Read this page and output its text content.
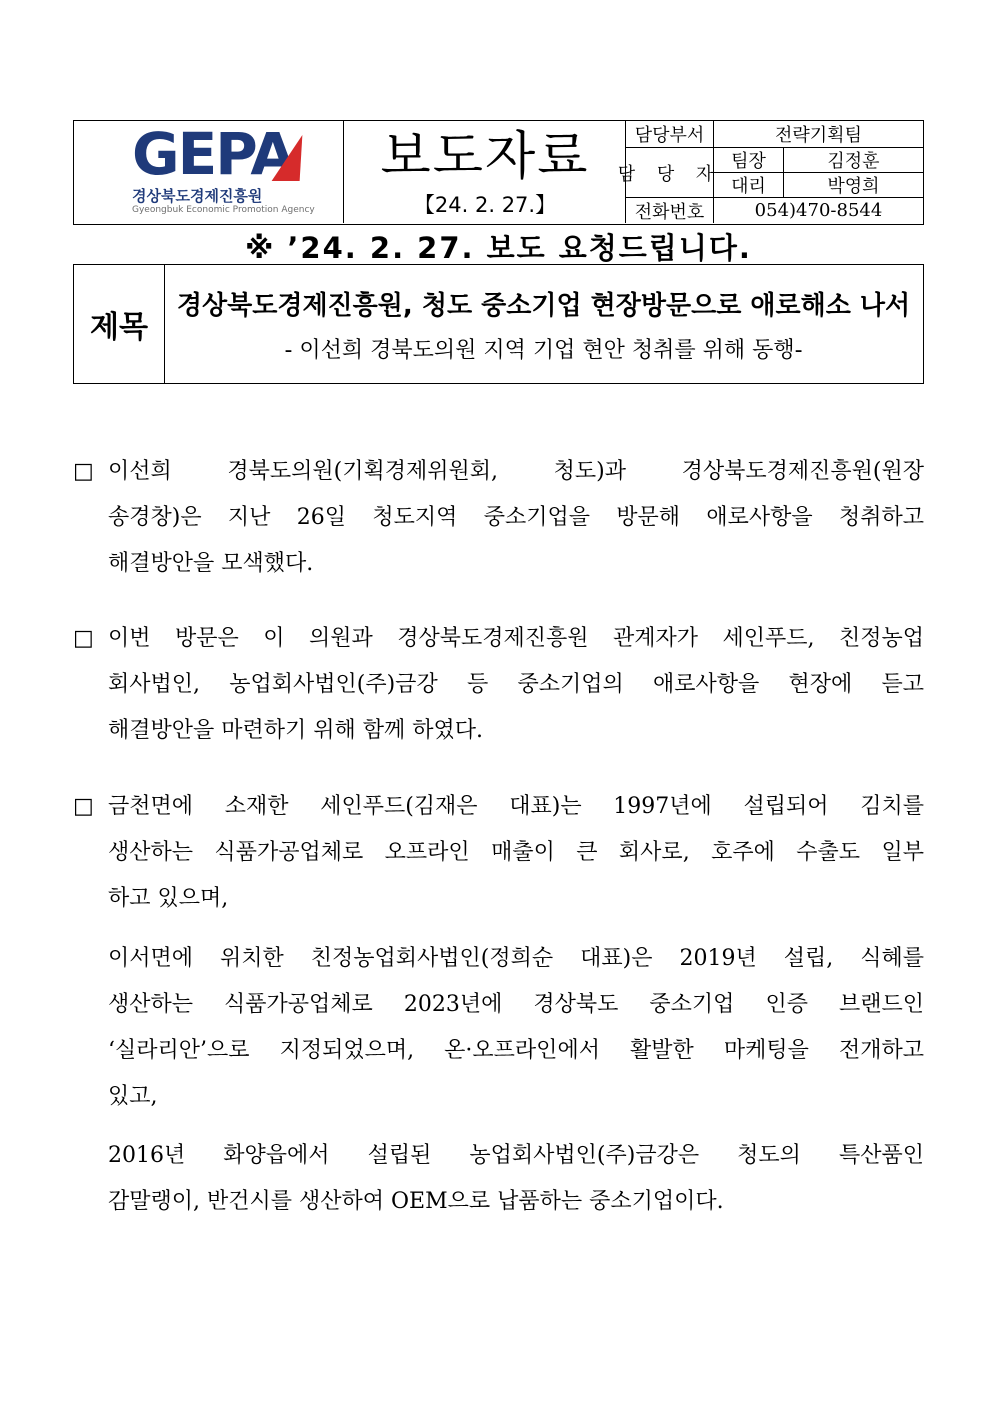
GEPA
경상북도경제진흥원
Gyeongbuk Economic Promotion Agency
보도자료
【24. 2. 27.】
담당부서	전략기획팀
담 당 자
팀장	김정훈
대리	박영희
전화번호	054)470-8544
※ ’24. 2. 27. 보도 요청드립니다.
제목
경상북도경제진흥원, 청도 중소기업 현장방문으로 애로해소 나서
- 이선희 경북도의원 지역 기업 현안 청취를 위해 동행-
□ 이선희 경북도의원(기획경제위원회, 청도)과 경상북도경제진흥원(원장
송경창)은 지난 26일 청도지역 중소기업을 방문해 애로사항을 청취하고
해결방안을 모색했다.
□ 이번 방문은 이 의원과 경상북도경제진흥원 관계자가 세인푸드, 친정농업
회사법인, 농업회사법인(주)금강 등 중소기업의 애로사항을 현장에 듣고
해결방안을 마련하기 위해 함께 하였다.
□ 금천면에 소재한 세인푸드(김재은 대표)는 1997년에 설립되어 김치를
생산하는 식품가공업체로 오프라인 매출이 큰 회사로, 호주에 수출도 일부
하고 있으며,
이서면에 위치한 친정농업회사법인(정희순 대표)은 2019년 설립, 식혜를
생산하는 식품가공업체로 2023년에 경상북도 중소기업 인증 브랜드인
‘실라리안’으로 지정되었으며, 온·오프라인에서 활발한 마케팅을 전개하고
있고,
2016년 화양읍에서 설립된 농업회사법인(주)금강은 청도의 특산품인
감말랭이, 반건시를 생산하여 OEM으로 납품하는 중소기업이다.
